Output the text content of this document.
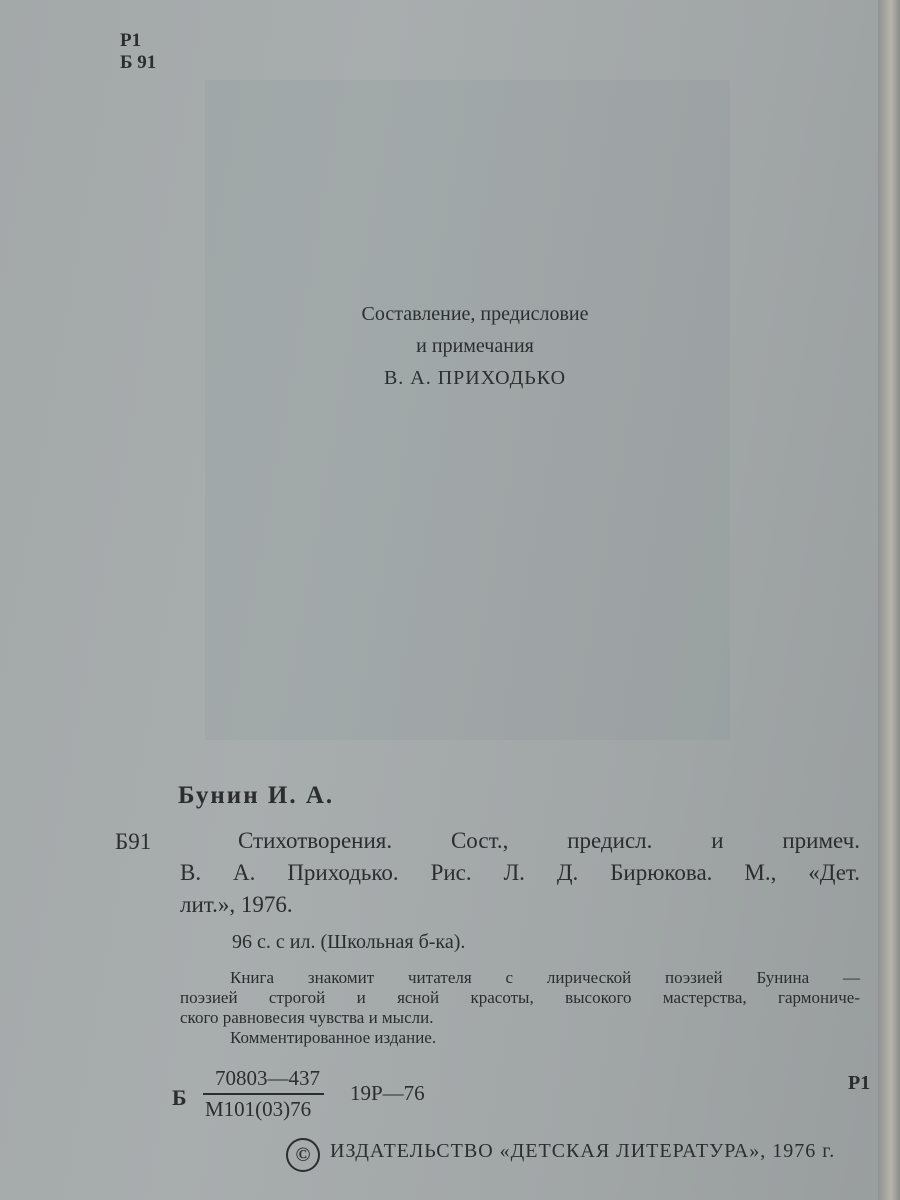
Р1
Б 91
Составление, предисловие
и примечания
В. А. ПРИХОДЬКО
Бунин И. А.
Б91	Стихотворения. Сост., предисл. и примеч.
В. А. Приходько. Рис. Л. Д. Бирюкова. М., «Дет.
лит.», 1976.
96 с. с ил. (Школьная б-ка).
Книга знакомит читателя с лирической поэзией Бунина —
поэзией строгой и ясной красоты, высокого мастерства, гармониче-
ского равновесия чувства и мысли.
Комментированное издание.
Б
70803—437
М101(03)76
19Р—76	Р1
© ИЗДАТЕЛЬСТВО «ДЕТСКАЯ ЛИТЕРАТУРА», 1976 г.
